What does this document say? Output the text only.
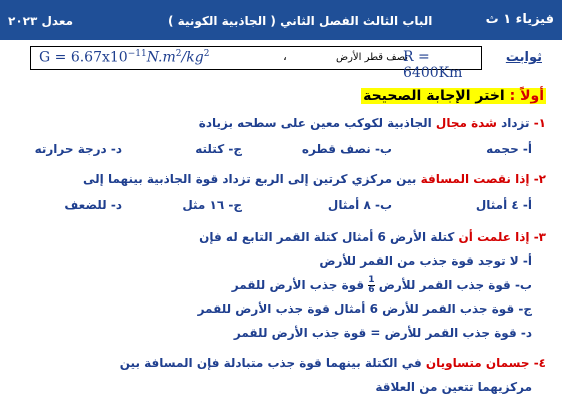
معدل ٢٠٢٣	الباب الثالث الفصل الثاني ( الجاذبية الكونية )	فيزياء ١ ث
$G = 6.67x10^{-11}N.m^2/kg^2$	،	نصف قطر الأرض
R = 6400Km
ثوابت
أولاً : اختر الإجابة الصحيحة
١- تزداد شدة مجال الجاذبية لكوكب معين على سطحه بزيادة
أ- حجمه
ب- نصف قطره
ج- كتلته
د- درجة حرارته
٢- إذا نقصت المسافة بين مركزي كرتين إلى الربع تزداد قوة الجاذبية بينهما إلى
أ- ٤ أمثال
ب- ٨ أمثال
ج- ١٦ مثل
د- للضعف
٣- إذا علمت أن كتلة الأرض 6 أمثال كتلة القمر التابع له فإن
أ- لا توجد قوة جذب من القمر للأرض
ب- قوة جذب القمر للأرض
$\frac{1}{6}$
قوة جذب الأرض للقمر
ج- قوة جذب القمر للأرض 6 أمثال قوة جذب الأرض للقمر
د- قوة جذب القمر للأرض = قوة جذب الأرض للقمر
٤- جسمان متساويان في الكتلة بينهما قوة جذب متبادلة فإن المسافة بين
مركزيهما تتعين من العلاقة
